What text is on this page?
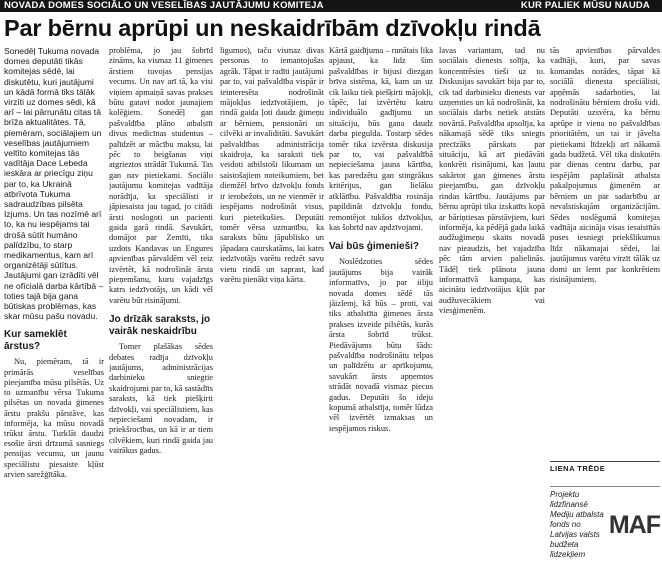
NOVADA DOMES SOCIĀLO UN VESELĪBAS JAUTĀJUMU KOMITEJA	KUR PALIEK MŪSU NAUDA
Par bērnu aprūpi un neskaidrībām dzīvokļu rindā

Sonedēļ Tukuma novada domes deputāti tikās komitejas sēdē, lai diskutētu, kuri jautājumi un kādā formā tiks tālāk virzīti uz domes sēdi, kā arī – lai pārrunātu citas tā brīža aktualitātes. Tā, piemēram, sociālajiem un veselības jautājumiem veltīto komitejas tās vadītāja Dace Lebeda ieskāra ar priecīgu ziņu par to, ka Ukrainā atbrīvota Tukuma sadraudzības pilsēta Izjums. Un tas nozīmē arī to, ka nu iespējams tai drošā sūtīt humāno palīdzību, to starp medikamentus, kam arī organizētāji sūtītus. Jautājumi gan izrādīti vēl ne ofīcialā darba kārtībā – toties tajā bija gana būtiskas problēmas, kas skar mūsu pašu novadu.

Kur sameklēt ārstus?

Nu, piemēram, tā ir primārās veselības pieejamība mūsu pilsētās. Uz to uzmanību vērsa Tukuma pilsētas un novada ģimenes ārstu prakšu pārstāve, kas informēja, ka mūsu novadā trūkst ārstu. Turklāt daudzi esošie ārsti drīzumā sasniegs pensijas vecumu, un jaunu speciālistu piesaiste kļūst arvien sarežģītāka.

problēma, jo jau šobrīd zināms, ka vismaz 11 ģimenes ārstiem tuvojas pensijas vecums. Un nav arī tā, ka visi viņiem apmaiņā savas prakses būtu gatavi nodot jaunajiem kolēģiem. Sonedēļ gan pašvaldība plāno atbalstīt divus medicīnas studentus – palīdzēt ar mācību maksu, lai pēc to beigšanas viņi atgrieztos strādāt Tukumā. Tas gan nav pietiekami. Sociālo jautājumu komitejas vadītāja norādīja, ka speciālisti ir jāpiesaista jau tagad, jo citādi ārsti noslogoti un pacienti gaida garā rindā. Savukārt, domājot par Zemīti, tika uzdots Kandavas un Engures apvienības pārvaldēm vēl reiz izvērtēt, kā nodrošināt ārsta pieņemšanu, kuru vajadzīgs katrs iedzīvotājs, un kādi vēl varētu būt risinājumi.

Jo drīzāk saraksts, jo vairāk neskaidrību

Tomer plašākas sēdes debates radīja dzīvokļu jautājums, administrācijas darbinieku sniegtie skaidrojumi par to, kā sastādīts saraksts, kā tiek piešķirti dzīvokļi, vai speciālistiem, kas nepieciešami novadam, ir priekšrocības, un kā ir ar tiem cilvēkiem, kuri rindā gaida jau vairākus gadus.

ligumos), taču vismaz divas personas to iemantojušas agrāk. Tāpat ir radīti jautājumi par to, vai pašvaldība vispār ir ieinteresēta nodrošināt mājokļus iedzīvotājiem, jo rindā gaida ļoti daudz ģimeņu ar bērniem, pensionāri un cilvēki ar invaliditāti. Savukārt pašvaldības administrācija skaidroja, ka saraksti tiek veidoti atbilstoši likumam un saistošajiem noteikumiem, bet diemžēl brīvo dzīvokļu fonds ir ierobežots, un ne vienmēr ir iespējams nodrošināt visus, kuri pieteikušies. Deputāti tomēr vērsa uzmanību, ka saraksts būtu jāpublisko un jāpadara caurskatāms, lai katrs iedzīvotājs varētu redzēt savu vietu rindā un saprast, kad varētu pienākt viņa kārta.

Kārtā gaidījuma – runātais lika apjaust, ka lidz šim pašvaldības ir bijusi diezgan brīva sistēma, kā, kam un uz cik laiku tiek piešķirti mājokļi, tāpēc, lai izvērtētu katru individuālo gadījumu un situāciju, būs gana daudz darba piegulda. Tostarp sēdes tomēr tika izvērsta diskusija par to, vai pašvaldībā nepieciešama jauna kārtība, kas paredzētu gan stingrākus kritērijus, gan lielāku atklātību. Pašvaldība rosināja papildināt dzīvokļu fondu, remontējot tukšos dzīvokļus, kas šobrīd nav apdzīvojami.

Vai būs ģimenieši?

Noslēdzoties sēdes jautājums bija vairāk informatīvs, jo par iiliju novada domes sēdē tās jāizlemj, kā būs – proti, vai tiks atbalstīta ģimenes ārsta prakses izveide pilsētās, kurās ārsta šobrīd trūkst. Piedāvājums būtu šāds: pašvaldība nodrošinātu telpas un palīdzētu ar aprīkojumu, savukārt ārsts apņemtos strādāt novadā vismaz piecus gadus. Deputāti šo ideju kopumā atbalstīja, tomēr lūdza vēl izvērtēt izmaksas un iespējamos riskus.

lavas variantam, tad nu sociālais dienests solīja, ka koncentrēsies tieši uz to. Diskusijas savukārt bija par to, cik tad darbinieku dienests var uzņemties un kā nodrošināt, ka sociālais darbs netiek atstāts novārtā. Pašvaldība apsolīja, ka nākamajā sēdē tiks sniegts precīzāks pārskats par situāciju, kā arī piedāvāti konkrēti risinājumi, kas ļautu sakārtot gan ģimenes ārstu pieejamību, gan dzīvokļu rindas kārtību. Jautājums par bērnu aprūpi tika izskatīts kopā ar bāriņtiesas pārstāvjiem, kuri informēja, ka pēdējā gada laikā audžuģimeņu skaits novadā nav pieaudzis, bet vajadzība pēc tām arvien palielinās. Tādēļ tiek plānota jauna informatīvā kampaņa, kas aicinātu iedzīvotājus kļūt par audžuvecākiem vai viesģimenēm.

tās apvienības pārvaldes vadītāji, kuri, par savas komandas norādes, tāpat kā sociālā dienesta speciālisti, apņēmās sadarboties, lai nodrošinātu bērniem drošu vidi. Deputāti uzsvēra, ka bērnu aprūpe ir viena no pašvaldības prioritātēm, un tai ir jāvelta pietiekami līdzekļi arī nākamā gada budžetā. Vēl tika diskutēts par dienas centru darbu, par iespējām paplašināt atbalsta pakalpojumus ģimenēm ar bērniem un par sadarbību ar nevalstiskajām organizācijām. Sēdes noslēgumā komitejas vadītāja aicināja visas iesaistītās puses iesniegt priekšlikumus līdz nākamajai sēdei, lai jautājumus varētu virzīt tālāk uz domi un lemt par konkrētiem risinājumiem.

LIENA TRĒDE
Projektu līdzfinansē Mediju atbalsta fonds no Latvijas valsts budžeta līdzekļiem
MAF
